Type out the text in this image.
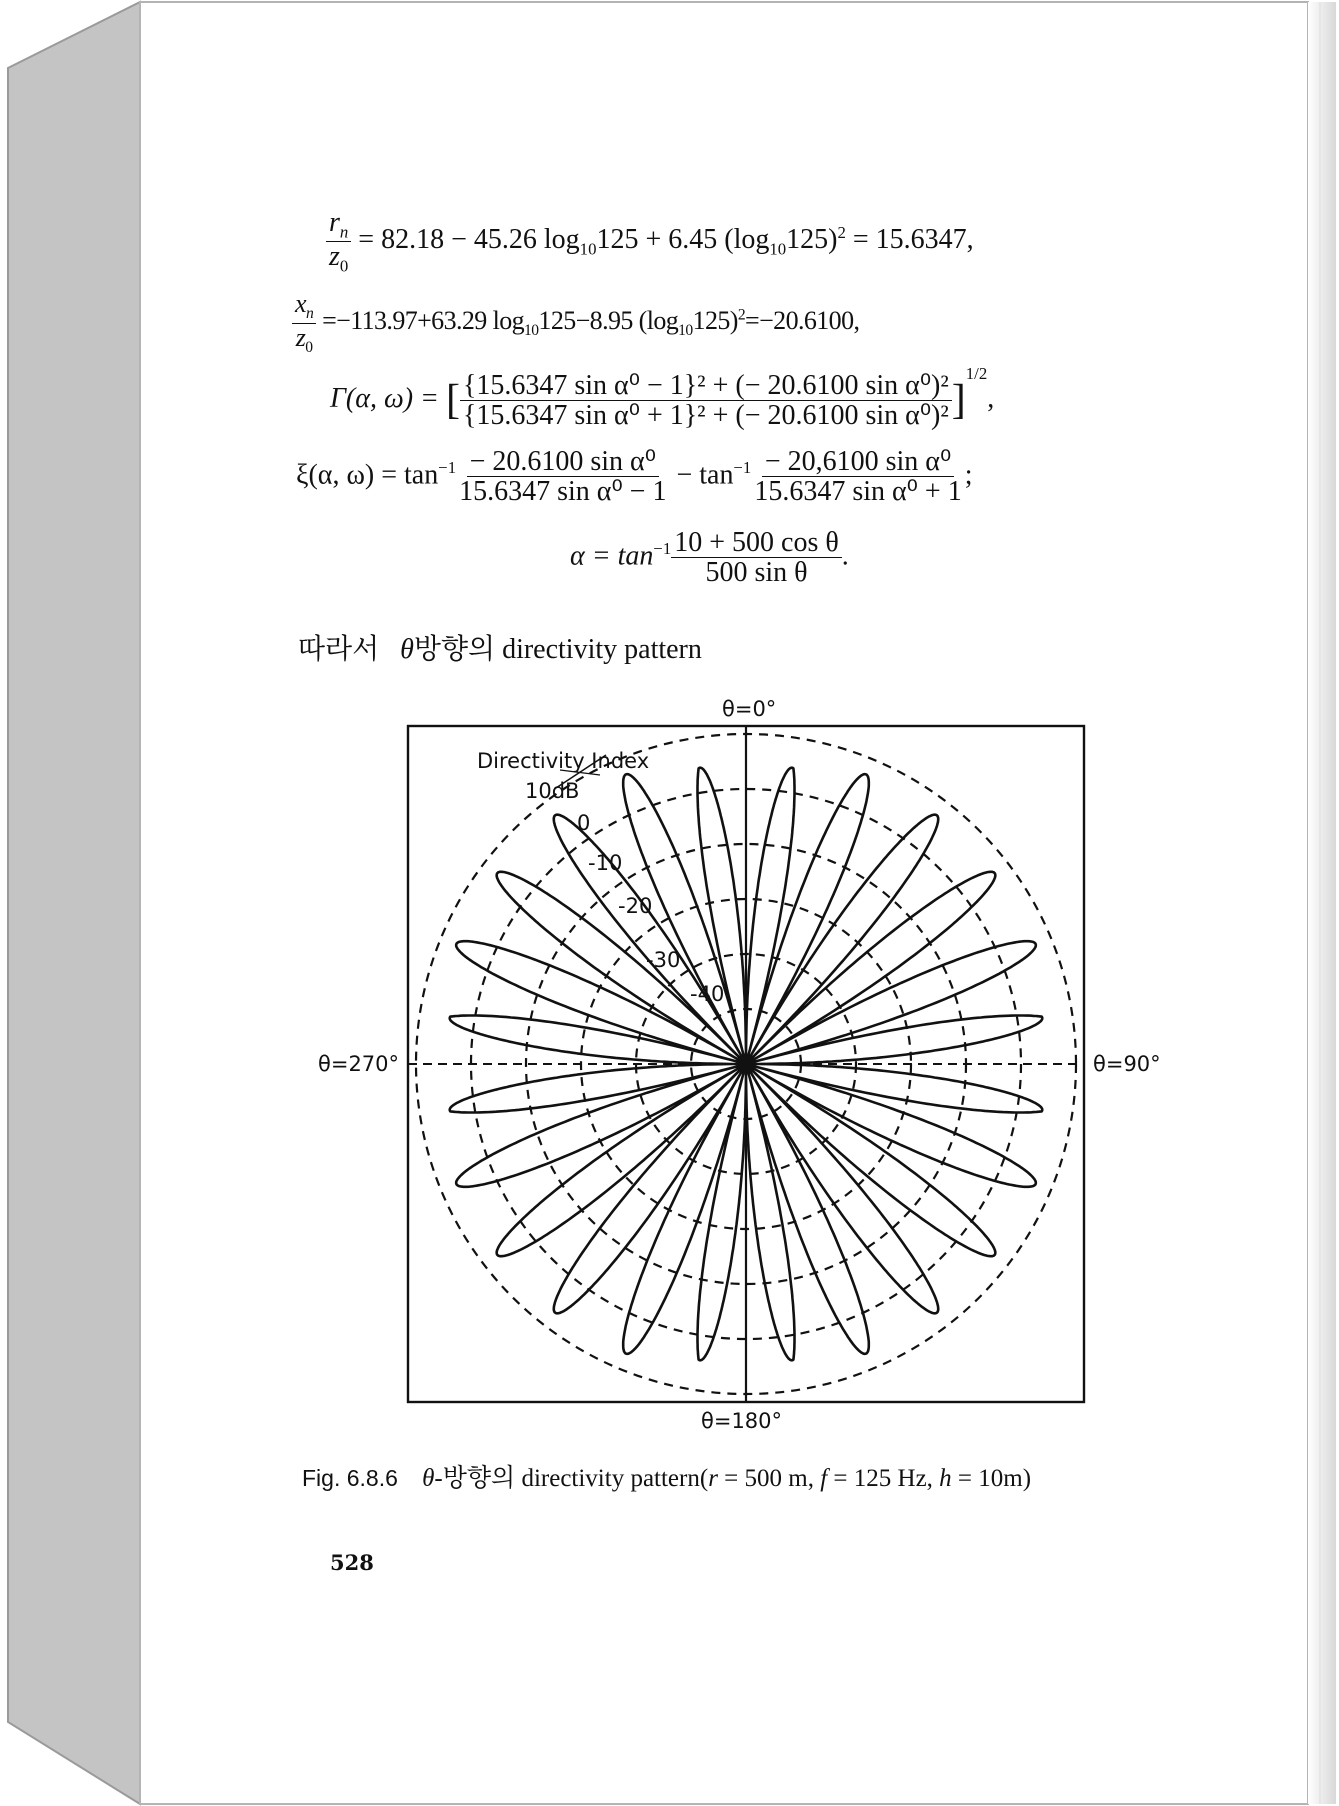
$\frac{r_n}{z_0} = 82.18 - 45.26$ $\log_{10}125 + 6.45$ $(\log_{10}125)^2 = 15.6347$,
$\frac{x_n}{z_0} =-113.97+63.29$ $\log_{10}125-8.95$ $(\log_{10}125)^2=-20.6100$,
Γ(α, ω) = [ $\frac{\text{\{15.6347 sin α⁰ − 1\}² + (− 20.6100 sin α⁰)²}}{\text{\{15.6347 sin α⁰ + 1\}² + (− 20.6100 sin α⁰)²}} ]^{1/2}$,
ξ(α, $\omega) = \tan^{-1} \frac{\text{− 20.6100 sin α⁰}}{\text{15.6347 sin α⁰ − 1}} - \tan^{-1} \frac{\text{− 20,6100 sin α⁰}}{\text{15.6347 sin α⁰ + 1}}$ ;
$\alpha = \tan^{-1} \frac{\text{10 + 500 cos θ}}{\text{500 sin θ}}$ .
따라서 θ방향의 directivity pattern
θ=0°
θ=90°
θ=180°
θ=270°
Directivity Index
10dB
0
-10
-20
-30
-40
Fig. 6.8.6 θ-방향의 directivity pattern(r = 500 m, f = 125 Hz, h = 10m)
528
